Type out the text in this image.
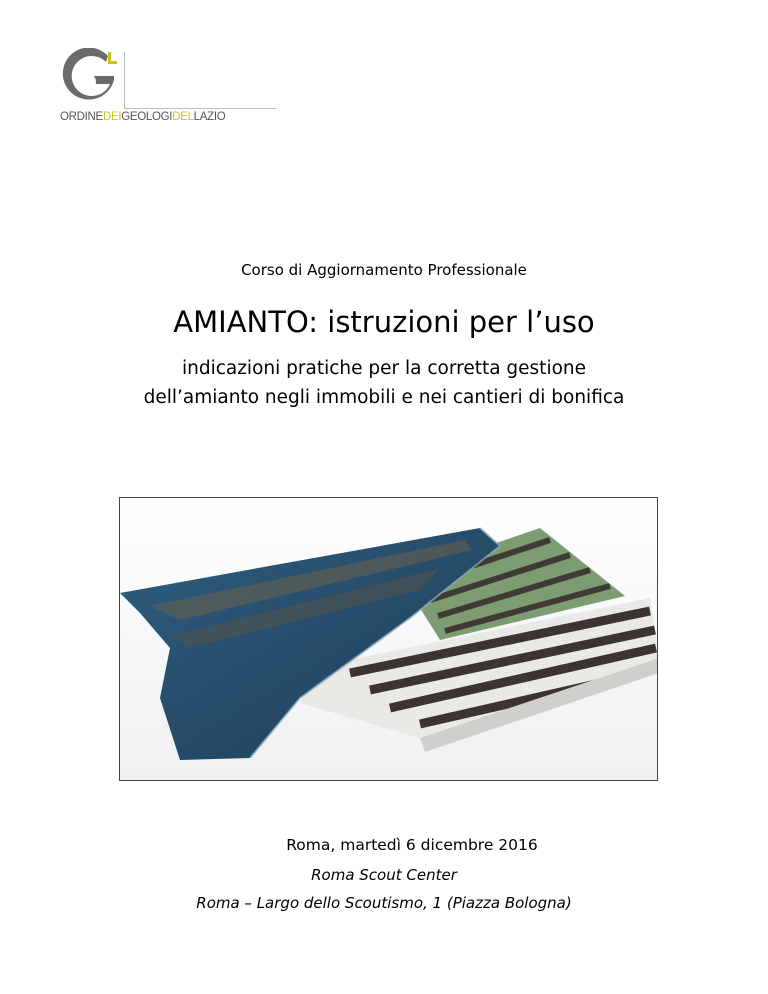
ORDINEDEIGEOLOGIDELLAZIO
Corso di Aggiornamento Professionale
AMIANTO: istruzioni per l’uso
indicazioni pratiche per la corretta gestione
dell’amianto negli immobili e nei cantieri di bonifica
Roma, martedì 6 dicembre 2016
Roma Scout Center
Roma – Largo dello Scoutismo, 1 (Piazza Bologna)
